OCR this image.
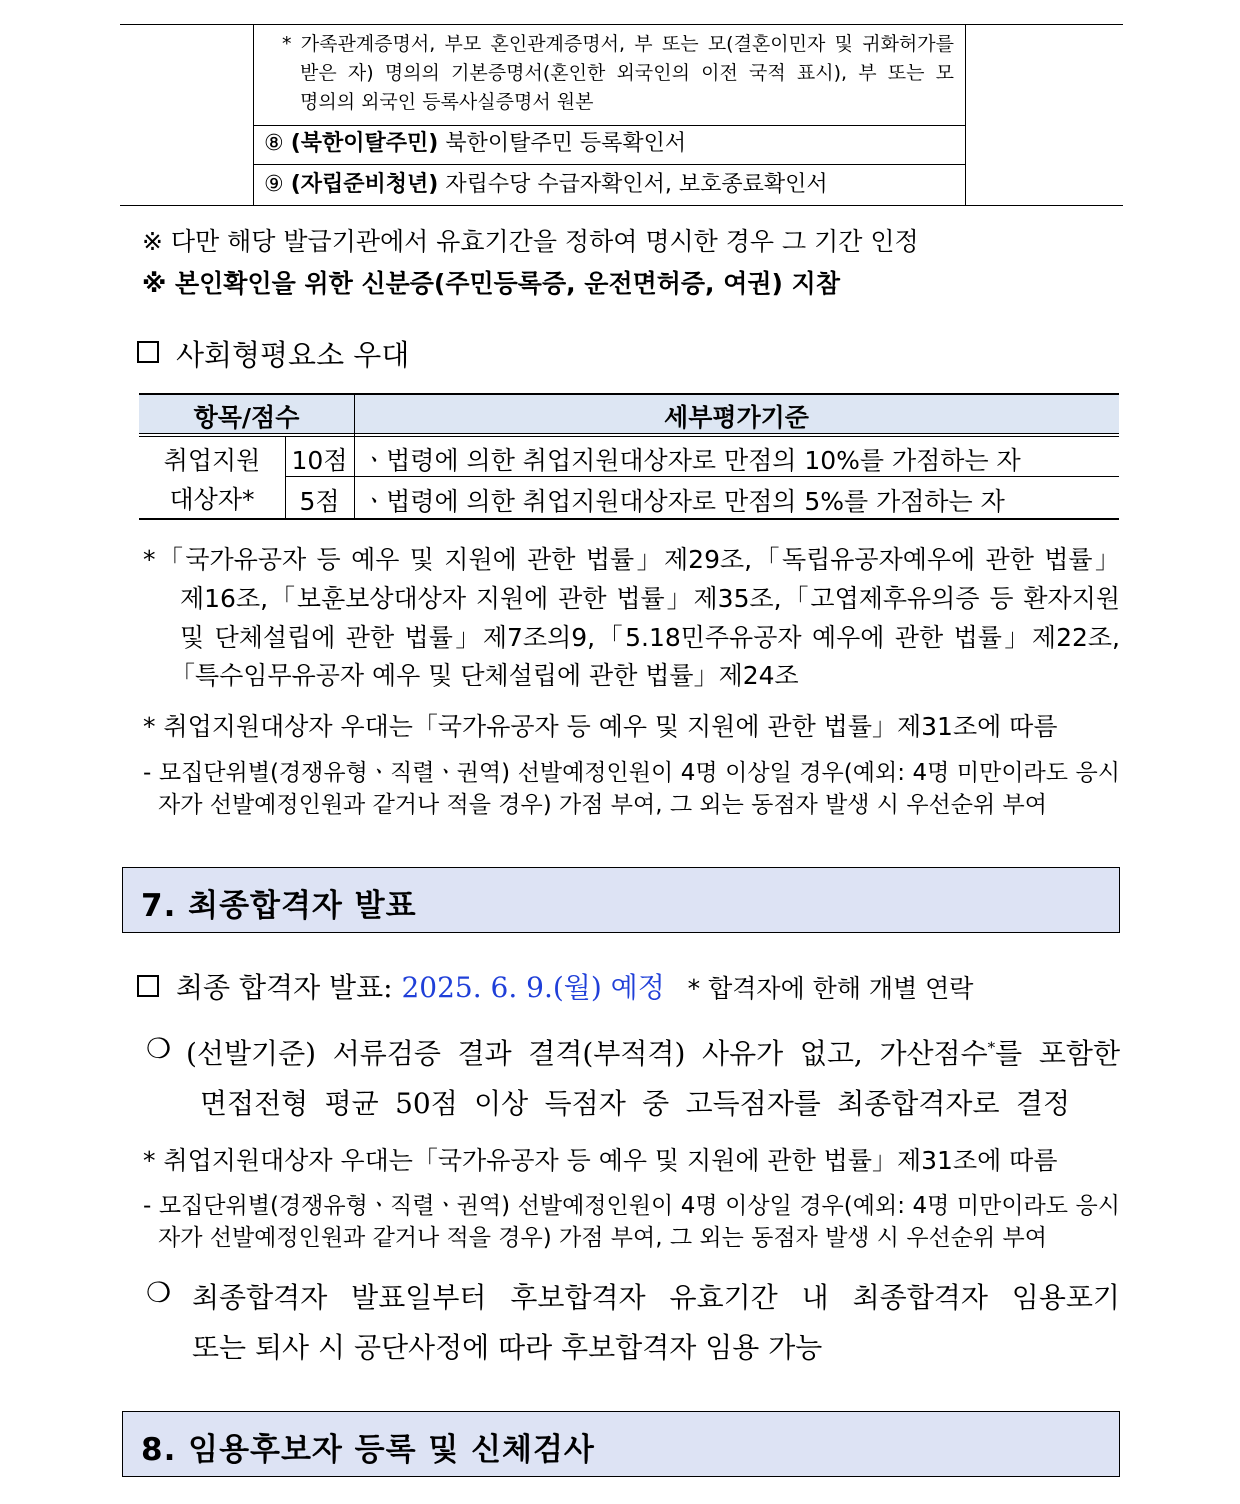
* 가족관계증명서, 부모 혼인관계증명서, 부 또는 모(결혼이민자 및 귀화허가를
받은 자) 명의의 기본증명서(혼인한 외국인의 이전 국적 표시), 부 또는 모
명의의 외국인 등록사실증명서 원본
⑧ (북한이탈주민) 북한이탈주민 등록확인서
⑨ (자립준비청년) 자립수당 수급자확인서, 보호종료확인서
※ 다만 해당 발급기관에서 유효기간을 정하여 명시한 경우 그 기간 인정
※ 본인확인을 위한 신분증(주민등록증, 운전면허증, 여권) 지참
사회형평요소 우대
항목/점수	세부평가기준
취업지원
대상자*
10점 ㆍ법령에 의한 취업지원대상자로 만점의 10%를 가점하는 자
5점 ㆍ법령에 의한 취업지원대상자로 만점의 5%를 가점하는 자
*「국가유공자 등 예우 및 지원에 관한 법률」제29조,「독립유공자예우에 관한 법률」
제16조,「보훈보상대상자 지원에 관한 법률」제35조,「고엽제후유의증 등 환자지원
및 단체설립에 관한 법률」제7조의9,「5.18민주유공자 예우에 관한 법률」제22조,
「특수임무유공자 예우 및 단체설립에 관한 법률」제24조
* 취업지원대상자 우대는「국가유공자 등 예우 및 지원에 관한 법률」제31조에 따름
- 모집단위별(경쟁유형ㆍ직렬ㆍ권역) 선발예정인원이 4명 이상일 경우(예외: 4명 미만이라도 응시
자가 선발예정인원과 같거나 적을 경우) 가점 부여, 그 외는 동점자 발생 시 우선순위 부여
7. 최종합격자 발표
최종 합격자 발표: 2025. 6. 9.(월) 예정 * 합격자에 한해 개별 연락
❍ (선발기준) 서류검증 결과 결격(부적격) 사유가 없고, 가산점수*를 포함한
면접전형 평균 50점 이상 득점자 중 고득점자를 최종합격자로 결정
* 취업지원대상자 우대는「국가유공자 등 예우 및 지원에 관한 법률」제31조에 따름
- 모집단위별(경쟁유형ㆍ직렬ㆍ권역) 선발예정인원이 4명 이상일 경우(예외: 4명 미만이라도 응시
자가 선발예정인원과 같거나 적을 경우) 가점 부여, 그 외는 동점자 발생 시 우선순위 부여
❍ 최종합격자 발표일부터 후보합격자 유효기간 내 최종합격자 임용포기
또는 퇴사 시 공단사정에 따라 후보합격자 임용 가능
8. 임용후보자 등록 및 신체검사
